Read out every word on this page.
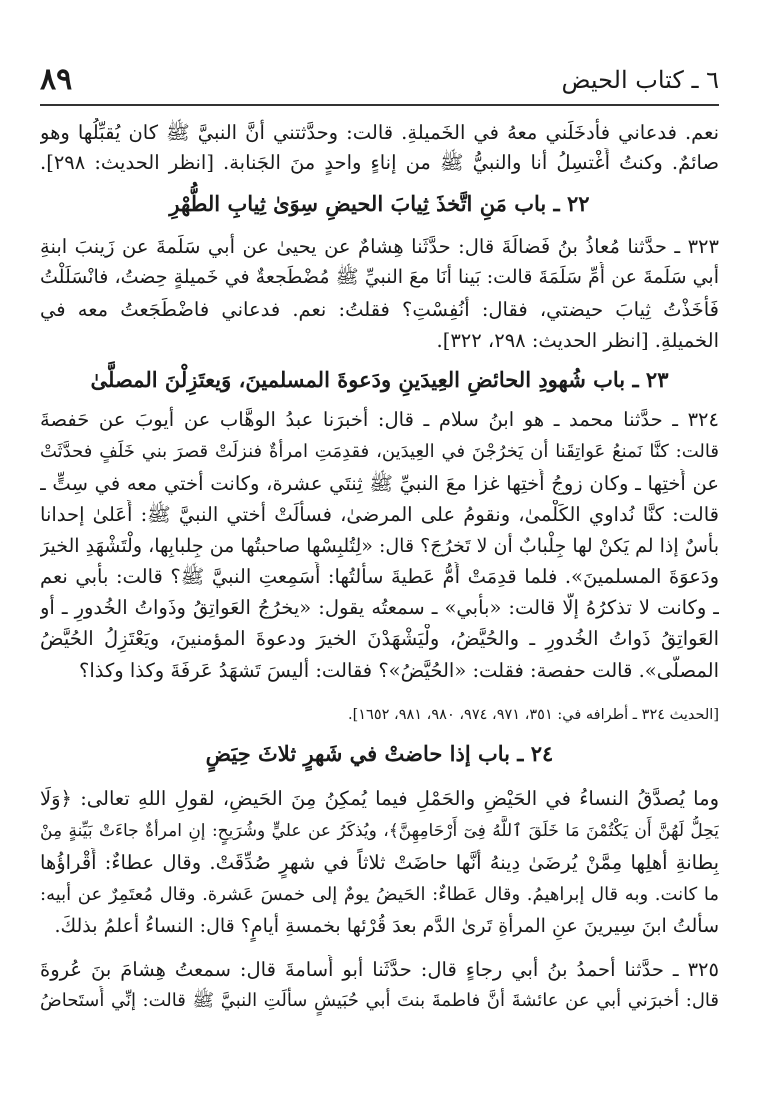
٦ ـ كتاب الحيض
٨٩
نعم. فدعاني فأدخَلَني معهُ في الخَميلةِ. قالت: وحدَّثتني أنَّ النبيَّ ﷺ كان يُقبِّلُها وهو
صائمٌ. وكنتُ أَغْتسِلُ أنا والنبيُّ ﷺ من إناءٍ واحدٍ منَ الجَنابة. [انظر الحديث: ٢٩٨].
٢٢ ـ باب مَنِ اتَّخذَ ثِيابَ الحيضِ سِوَىٰ ثِيابِ الطُّهْرِ
٣٢٣ ـ حدَّثنا مُعاذُ بنُ فَضالَةَ قال: حدَّثَنا هِشامٌ عن يحيىٰ عن أبي سَلَمةَ عن زَينبَ ابنةِ
أبي سَلَمةَ عن أُمِّ سَلَمَةَ قالت: بَينا أنَا معَ النبيِّ ﷺ مُضْطَجعةٌ في خَميلةٍ حِضتُ، فانْسَلَلْتُ
فَأَخَذْتُ ثِيابَ حيضتي، فقال: أنُفِسْتِ؟ فقلتُ: نعم. فدعاني فاضْطَجَعتُ معه في
الخميلةِ. [انظر الحديث: ٢٩٨، ٣٢٢].
٢٣ ـ باب شُهودِ الحائضِ العِيدَينِ ودَعوةَ المسلمينَ، وَيعتَزِلْنَ المصلَّىٰ
٣٢٤ ـ حدَّثنا محمد ـ هو ابنُ سلام ـ قال: أخبرَنا عبدُ الوهَّاب عن أيوبَ عن حَفصةَ
قالت: كنَّا نَمنعُ عَواتِقَنا أن يَخرُجْنَ في العِيدَين، فقدِمَتِ امرأةٌ فنزلَتْ قصرَ بني خَلَفٍ فحدَّثَتْ
عن أُختِها ـ وكان زوجُ أُختِها غزا معَ النبيِّ ﷺ ثِنتَي عشرة، وكانت أختي معه في سِتٍّ ـ
قالت: كنَّا نُداوي الكَلْمىٰ، ونقومُ على المرضىٰ، فسألَتْ أختي النبيَّ ﷺ: أَعَلىٰ إحدانا
بأسٌ إذا لم يَكنْ لها جِلْبابٌ أن لا تَخرُجَ؟ قال: «لِتُلبِسْها صاحبتُها من جِلبابِها، ولْتَشْهَدِ الخيرَ
ودَعوَةَ المسلمينَ». فلما قدِمَتْ أُمُّ عَطيةَ سألتُها: أَسَمِعتِ النبيَّ ﷺ؟ قالت: بأبي نعم
ـ وكانت لا تذكرُهُ إلَّا قالت: «بأبي» ـ سمعتُه يقول: «يخرُجُ العَواتِقُ وذَواتُ الخُدورِ ـ أو
العَواتِقُ ذَواتُ الخُدورِ ـ والحُيَّضُ، ولْيَشْهَدْنَ الخيرَ ودعوةَ المؤمنينَ، ويَعْتَزِلُ الحُيَّضُ
المصلَّى». قالت حفصة: فقلت: «الحُيَّضُ»؟ فقالت: أليسَ تَشهَدُ عَرفَةَ وكذا وكذا؟
[الحديث ٣٢٤ ـ أطرافه في: ٣٥١، ٩٧١، ٩٧٤، ٩٨٠، ٩٨١، ١٦٥٢].
٢٤ ـ باب إذا حاضتْ في شَهرٍ ثلاثَ حِيَضٍ
وما يُصدَّقُ النساءُ في الحَيْضِ والحَمْلِ فيما يُمكِنُ مِنَ الحَيضِ، لقولِ اللهِ تعالى: ﴿وَلَا
يَحِلُّ لَهُنَّ أَن يَكْتُمْنَ مَا خَلَقَ ٱللَّهُ فِىٓ أَرْحَامِهِنَّ﴾، ويُذكَرُ عن عليٍّ وشُرَيحٍ: إنِ امرأةٌ جاءَتْ بَيِّنةٍ مِنْ
بِطانةِ أهلِها مِمَّنْ يُرضَىٰ دِينهُ أنَّها حاضَتْ ثلاثاً في شهرٍ صُدِّقَتْ. وقال عطاءٌ: أَقْراؤُها
ما كانت. وبه قال إبراهيمُ. وقال عَطاءٌ: الحَيضُ يومٌ إلى خمسَ عَشرة. وقال مُعتَمِرٌ عن أبيه:
سألتُ ابنَ سِيرينَ عنِ المرأةِ تَرىٰ الدَّم بعدَ قُرْئها بخمسةِ أيامٍ؟ قال: النساءُ أعلمُ بذلكَ.
٣٢٥ ـ حدَّثنا أحمدُ بنُ أبي رجاءٍ قال: حدَّثَنا أبو أُسامةَ قال: سمعتُ هِشامَ بنَ عُروةَ
قال: أخبرَني أبي عن عائشةَ أنَّ فاطمةَ بنتَ أبي حُبَيشٍ سألَتِ النبيَّ ﷺ قالت: إنِّي أُستَحاضُ
